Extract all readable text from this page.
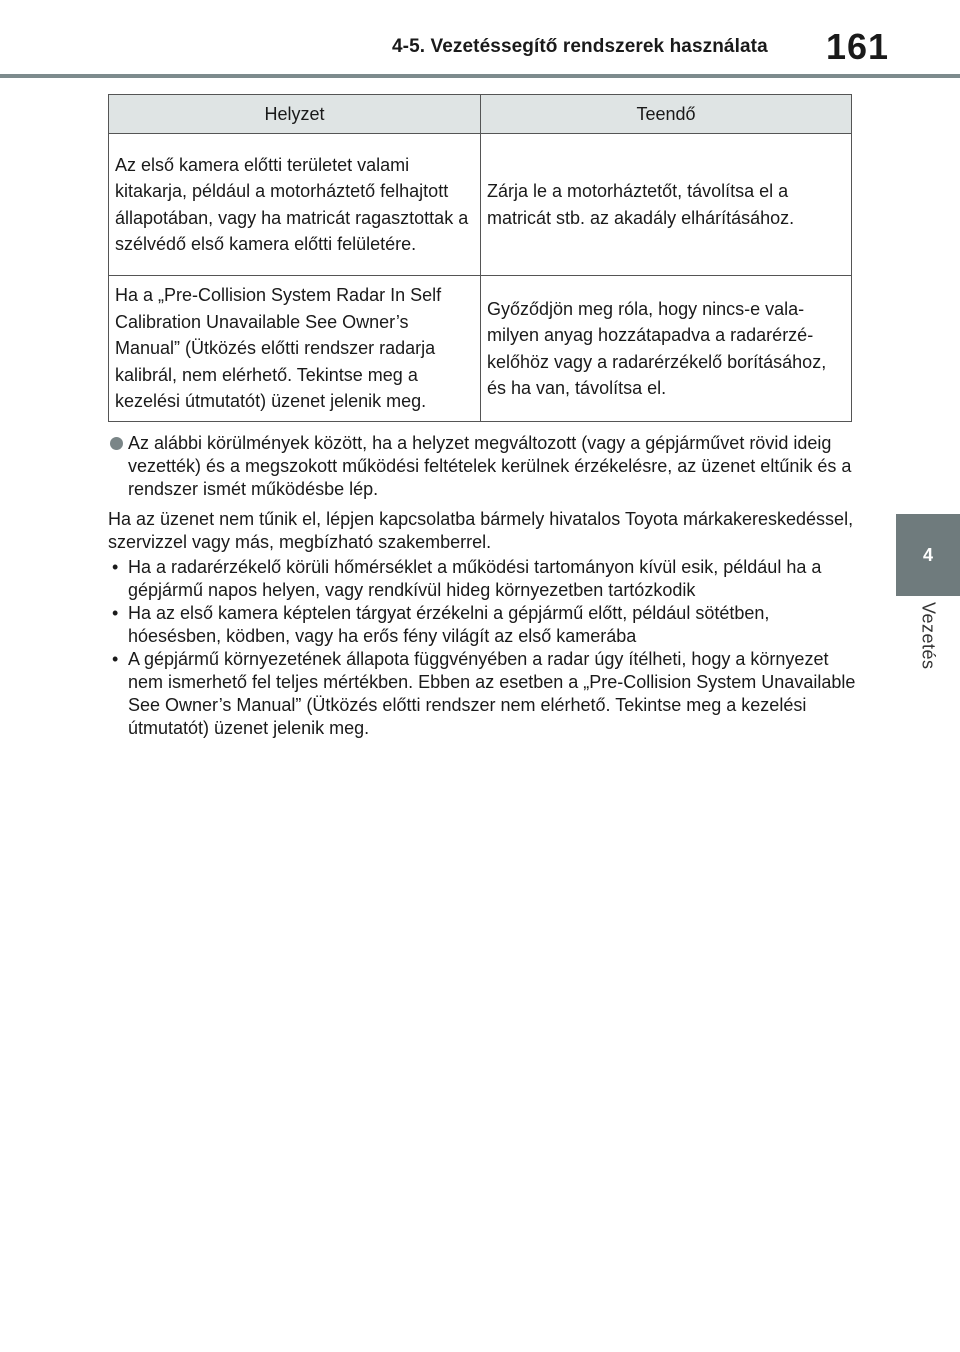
4-5. Vezetéssegítő rendszerek használata	161
4
Vezetés
Helyzet	Teendő
Az első kamera előtti területet valami kitakarja, például a motorháztető felhajtott állapotában, vagy ha matricát ragasztottak a szélvédő első kamera előtti felületére.	Zárja le a motorháztetőt, távolítsa el a matricát stb. az akadály elhárításához.
Ha a „Pre-Collision System Radar In Self Calibration Unavailable See Owner’s Manual” (Ütközés előtti rendszer radarja kalibrál, nem elérhető. Tekintse meg a kezelési útmutatót) üzenet jelenik meg.	Győződjön meg róla, hogy nincs-e valamilyen anyag hozzátapadva a radarérzékelőhöz vagy a radarérzékelő borításához, és ha van, távolítsa el.
Az alábbi körülmények között, ha a helyzet megváltozott (vagy a gépjárművet rövid ideig vezették) és a megszokott működési feltételek kerülnek érzékelésre, az üzenet eltűnik és a rendszer ismét működésbe lép.
Ha az üzenet nem tűnik el, lépjen kapcsolatba bármely hivatalos Toyota márkakereskedéssel, szervizzel vagy más, megbízható szakemberrel.
• Ha a radarérzékelő körüli hőmérséklet a működési tartományon kívül esik, például ha a gépjármű napos helyen, vagy rendkívül hideg környezetben tartózkodik
• Ha az első kamera képtelen tárgyat érzékelni a gépjármű előtt, például sötétben, hóesésben, ködben, vagy ha erős fény világít az első kamerába
• A gépjármű környezetének állapota függvényében a radar úgy ítélheti, hogy a környezet nem ismerhető fel teljes mértékben. Ebben az esetben a „Pre-Collision System Unavailable See Owner’s Manual” (Ütközés előtti rendszer nem elérhető. Tekintse meg a kezelési útmutatót) üzenet jelenik meg.
